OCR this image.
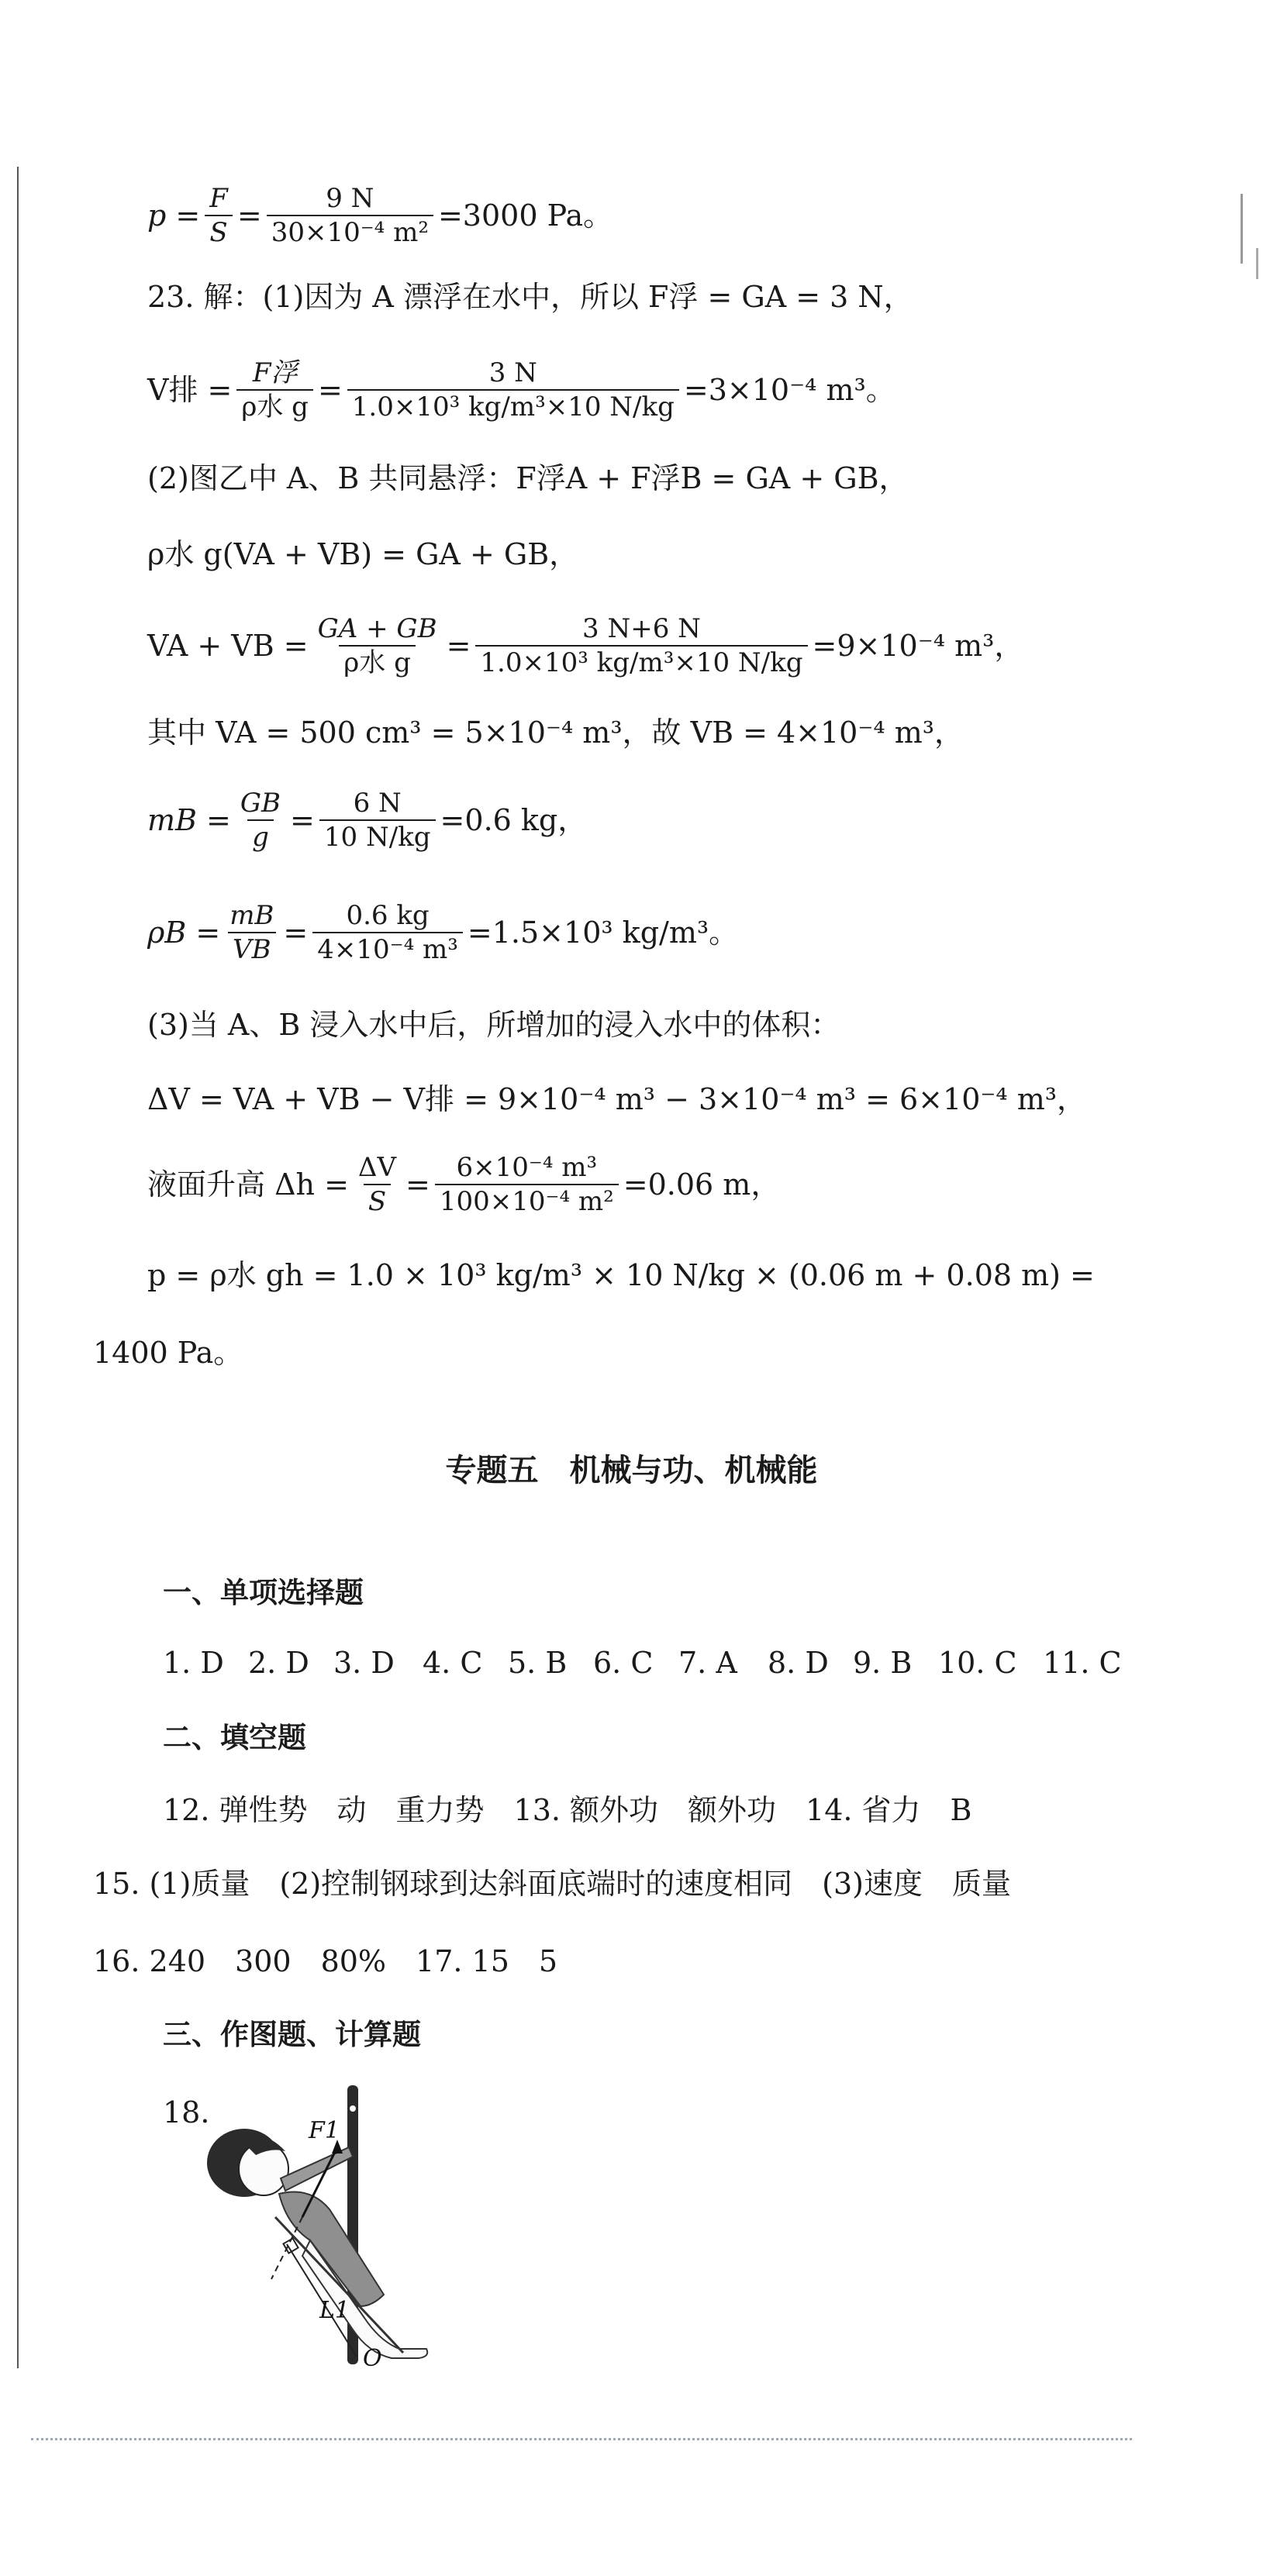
$p = \frac{F}{S} = \frac{9 N}{\text{30×10⁻⁴ m²}} =3000$ Pa。
23. 解：(1)因为 A 漂浮在水中，所以 F浮 = GA = 3 N，
V排 = $\frac{\text{F浮}}{\text{ρ水 g}} = \frac{3 N}{\text{1.0×10³ kg/m³×10 N/kg}} =3\times 10^{-4}$ m³。
(2)图乙中 A、B 共同悬浮：F浮A + F浮B = GA + GB，
ρ水 g(VA + VB) = GA + GB，
VA + VB = $\frac{GA + GB}{\text{ρ水 g}} = \frac{3 N+6 N}{\text{1.0×10³ kg/m³×10 N/kg}} =9\times 10^{-4}$ m³，
其中 VA = 500 cm³ = 5×10⁻⁴ m³，故 VB = 4×10⁻⁴ m³，
mB = $\frac{GB}{g} = \frac{6 N}{10 N/kg} =0.6$ kg，
$\rho B = \frac{mB}{VB} = \frac{0.6 kg}{\text{4×10⁻⁴ m³}} =1.5\times 10^3$ kg/m³。
(3)当 A、B 浸入水中后，所增加的浸入水中的体积：
ΔV = VA + VB − V排 = 9×10⁻⁴ m³ − 3×10⁻⁴ m³ = 6×10⁻⁴ m³，
液面升高 $\Delta h = \frac{\Delta V}{S} = \frac{\text{6×10⁻⁴ m³}}{\text{100×10⁻⁴ m²}} =0.06$ m，
p = ρ水 gh = 1.0 × 10³ kg/m³ × 10 N/kg × (0.06 m + 0.08 m) =
1400 Pa。
专题五　机械与功、机械能
一、单项选择题
1. D 2. D 3. D 4. C 5. B 6. C 7. A 8. D 9. B 10. C 11. C
二、填空题
12. 弹性势　动　重力势　13. 额外功　额外功　14. 省力　B
15. (1)质量　(2)控制钢球到达斜面底端时的速度相同　(3)速度　质量
16. 240　300　80%　17. 15　5
三、作图题、计算题
18.
F1
L1
O
